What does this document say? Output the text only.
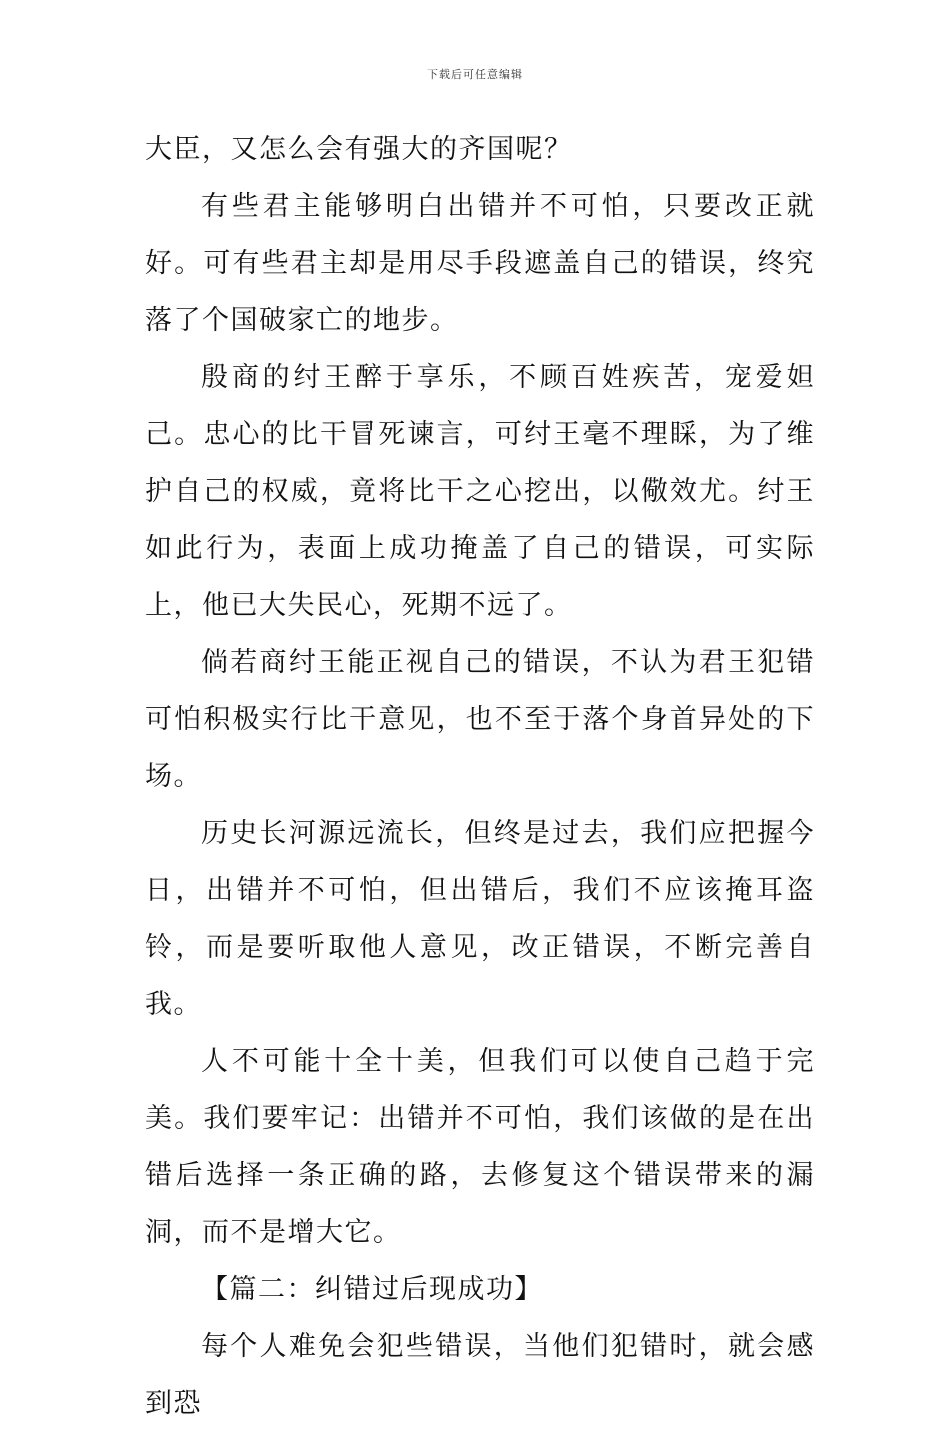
下载后可任意编辑

大臣，又怎么会有强大的齐国呢？

有些君主能够明白出错并不可怕，只要改正就好。可有些君主却是用尽手段遮盖自己的错误，终究落了个国破家亡的地步。

殷商的纣王醉于享乐，不顾百姓疾苦，宠爱妲己。忠心的比干冒死谏言，可纣王毫不理睬，为了维护自己的权威，竟将比干之心挖出，以儆效尤。纣王如此行为，表面上成功掩盖了自己的错误，可实际上，他已大失民心，死期不远了。

倘若商纣王能正视自己的错误，不认为君王犯错可怕积极实行比干意见，也不至于落个身首异处的下场。

历史长河源远流长，但终是过去，我们应把握今日，出错并不可怕，但出错后，我们不应该掩耳盗铃，而是要听取他人意见，改正错误，不断完善自我。

人不可能十全十美，但我们可以使自己趋于完美。我们要牢记：出错并不可怕，我们该做的是在出错后选择一条正确的路，去修复这个错误带来的漏洞，而不是增大它。

【篇二：纠错过后现成功】

每个人难免会犯些错误，当他们犯错时，就会感到恐
